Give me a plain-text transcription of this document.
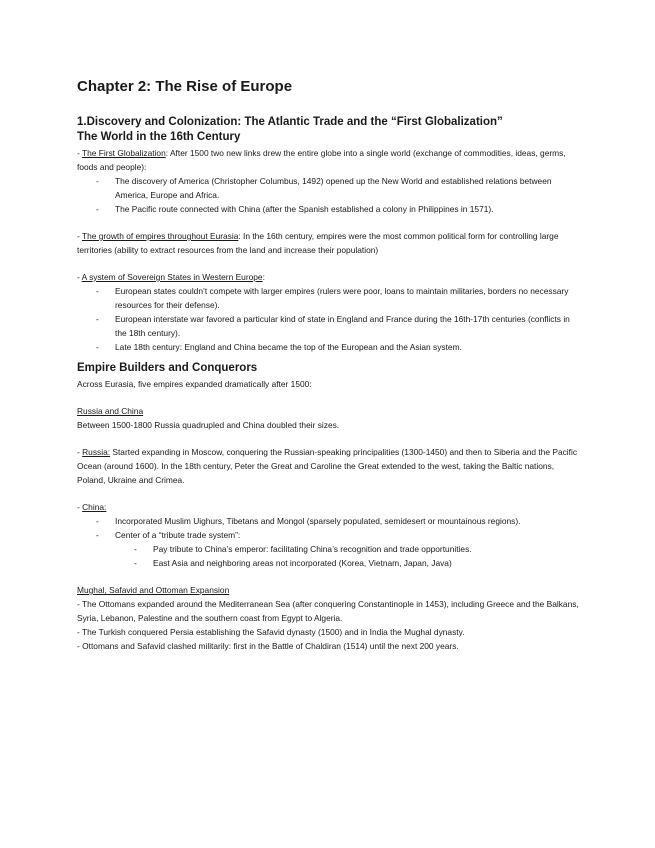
Chapter 2: The Rise of Europe
1.Discovery and Colonization: The Atlantic Trade and the “First Globalization”
The World in the 16th Century

- The First Globalization: After 1500 two new links drew the entire globe into a single world (exchange of commodities, ideas, germs, foods and people):

- The discovery of America (Christopher Columbus, 1492) opened up the New World and established relations between America, Europe and Africa.
- The Pacific route connected with China (after the Spanish established a colony in Philippines in 1571).

- The growth of empires throughout Eurasia: In the 16th century, empires were the most common political form for controlling large territories (ability to extract resources from the land and increase their population)

- A system of Sovereign States in Western Europe:

- European states couldn’t compete with larger empires (rulers were poor, loans to maintain militaries, borders no necessary resources for their defense).
- European interstate war favored a particular kind of state in England and France during the 16th-17th centuries (conflicts in the 18th century).
- Late 18th century: England and China became the top of the European and the Asian system.
Empire Builders and Conquerors

Across Eurasia, five empires expanded dramatically after 1500:

Russia and China

Between 1500-1800 Russia quadrupled and China doubled their sizes.

- Russia: Started expanding in Moscow, conquering the Russian-speaking principalities (1300-1450) and then to Siberia and the Pacific Ocean (around 1600). In the 18th century, Peter the Great and Caroline the Great extended to the west, taking the Baltic nations, Poland, Ukraine and Crimea.

- China:

- Incorporated Muslim Uighurs, Tibetans and Mongol (sparsely populated, semidesert or mountainous regions).
- Center of a “tribute trade system”:
- Pay tribute to China’s emperor: facilitating China’s recognition and trade opportunities.
- East Asia and neighboring areas not incorporated (Korea, Vietnam, Japan, Java)

Mughal, Safavid and Ottoman Expansion

- The Ottomans expanded around the Mediterranean Sea (after conquering Constantinople in 1453), including Greece and the Balkans, Syria, Lebanon, Palestine and the southern coast from Egypt to Algeria.

- The Turkish conquered Persia establishing the Safavid dynasty (1500) and in India the Mughal dynasty.

- Ottomans and Safavid clashed militarily: first in the Battle of Chaldiran (1514) until the next 200 years.
